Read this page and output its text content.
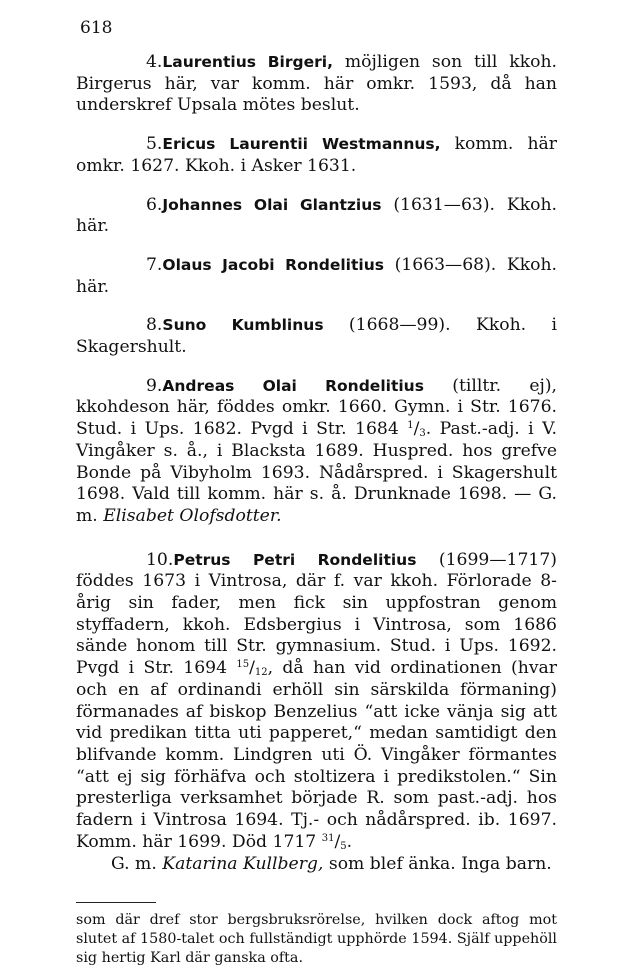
618
4.Laurentius Birgeri, möjligen son till kkoh. Birgerus här, var komm. här omkr. 1593, då han underskref Upsala mötes beslut.
5.Ericus Laurentii Westmannus, komm. här omkr. 1627. Kkoh. i Asker 1631.
6.Johannes Olai Glantzius (1631—63). Kkoh. här.
7.Olaus Jacobi Rondelitius (1663—68). Kkoh. här.
8.Suno Kumblinus (1668—99). Kkoh. i Skagershult.
9.Andreas Olai Rondelitius (tilltr. ej), kkohdeson här, föddes omkr. 1660. Gymn. i Str. 1676. Stud. i Ups. 1682. Pvgd i Str. 1684 $^1/_3$. Past.-adj. i V. Vingåker s. å., i Blacksta 1689. Huspred. hos grefve Bonde på Vibyholm 1693. Nådårspred. i Skagershult 1698. Vald till komm. här s. å. Drunknade 1698. — G. m. Elisabet Olofsdotter.
10.Petrus Petri Rondelitius (1699—1717) föddes 1673 i Vintrosa, där f. var kkoh. Förlorade 8-årig sin fader, men fick sin uppfostran genom styffadern, kkoh. Edsbergius i Vintrosa, som 1686 sände honom till Str. gymnasium. Stud. i Ups. 1692. Pvgd i Str. 1694 $^{15}/_{12}$, då han vid ordinationen (hvar och en af ordinandi erhöll sin särskilda förmaning) förmanades af biskop Benzelius “att icke vänja sig att vid predikan titta uti papperet,“ medan samtidigt den blifvande komm. Lindgren uti Ö. Vingåker förmantes “att ej sig förhäfva och stoltizera i predikstolen.“ Sin presterliga verksamhet började R. som past.-adj. hos fadern i Vintrosa 1694. Tj.- och nådårspred. ib. 1697. Komm. här 1699. Död 1717 $^{31}/_5$.
G. m. Katarina Kullberg, som blef änka. Inga barn.
som där dref stor bergsbruksrörelse, hvilken dock aftog mot slutet af 1580-talet och fullständigt upphörde 1594. Själf uppehöll sig hertig Karl där ganska ofta.
